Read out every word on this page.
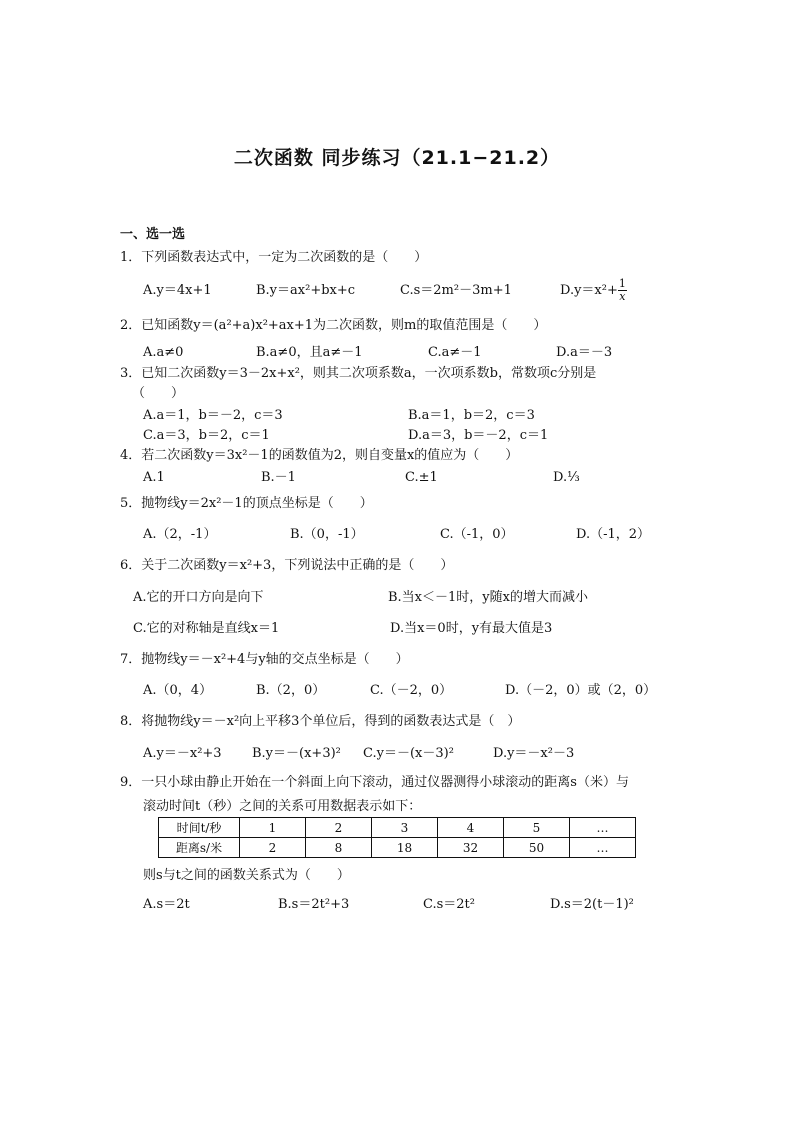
二次函数 同步练习（21.1−21.2）
一、选一选
1．下列函数表达式中，一定为二次函数的是（　　）
A.y＝4x+1	B.y＝ax²+bx+c	C.s＝2m²－3m+1	$D.y=x^2+ \frac{1}{x}$
2．已知函数y＝(a²+a)x²+ax+1为二次函数，则m的取值范围是（　　）
A.a≠0	B.a≠0，且a≠－1	C.a≠－1	D.a＝－3
3．已知二次函数y＝3－2x+x²，则其二次项系数a，一次项系数b，常数项c分别是
（　　）
A.a＝1，b＝－2，c＝3	B.a＝1，b＝2，c＝3
C.a＝3，b＝2，c＝1	D.a＝3，b＝－2，c＝1
4．若二次函数y＝3x²－1的函数值为2，则自变量x的值应为（　　）
A.1	B.－1	C.±1	D.⅓
5．抛物线y＝2x²－1的顶点坐标是（　　）
A.（2，-1）	B.（0，-1）	C.（-1，0）	D.（-1，2）
6．关于二次函数y＝x²+3，下列说法中正确的是（　　）
A.它的开口方向是向下	B.当x＜－1时，y随x的增大而减小
C.它的对称轴是直线x＝1	D.当x＝0时，y有最大值是3
7．抛物线y＝－x²+4与y轴的交点坐标是（　　）
A.（0，4）	B.（2，0）	C.（－2，0）	D.（－2，0）或（2，0）
8．将抛物线y＝－x²向上平移3个单位后，得到的函数表达式是（　）
A.y＝－x²+3 B.y＝－(x+3)² C.y＝－(x－3)²	D.y＝－x²－3
9．一只小球由静止开始在一个斜面上向下滚动，通过仪器测得小球滚动的距离s（米）与
滚动时间t（秒）之间的关系可用数据表示如下：
时间t/秒	1	2	3	4	5	…
距离s/米	2	8	18	32	50	…
则s与t之间的函数关系式为（　　）
A.s＝2t	B.s＝2t²+3	C.s＝2t²	D.s＝2(t－1)²
